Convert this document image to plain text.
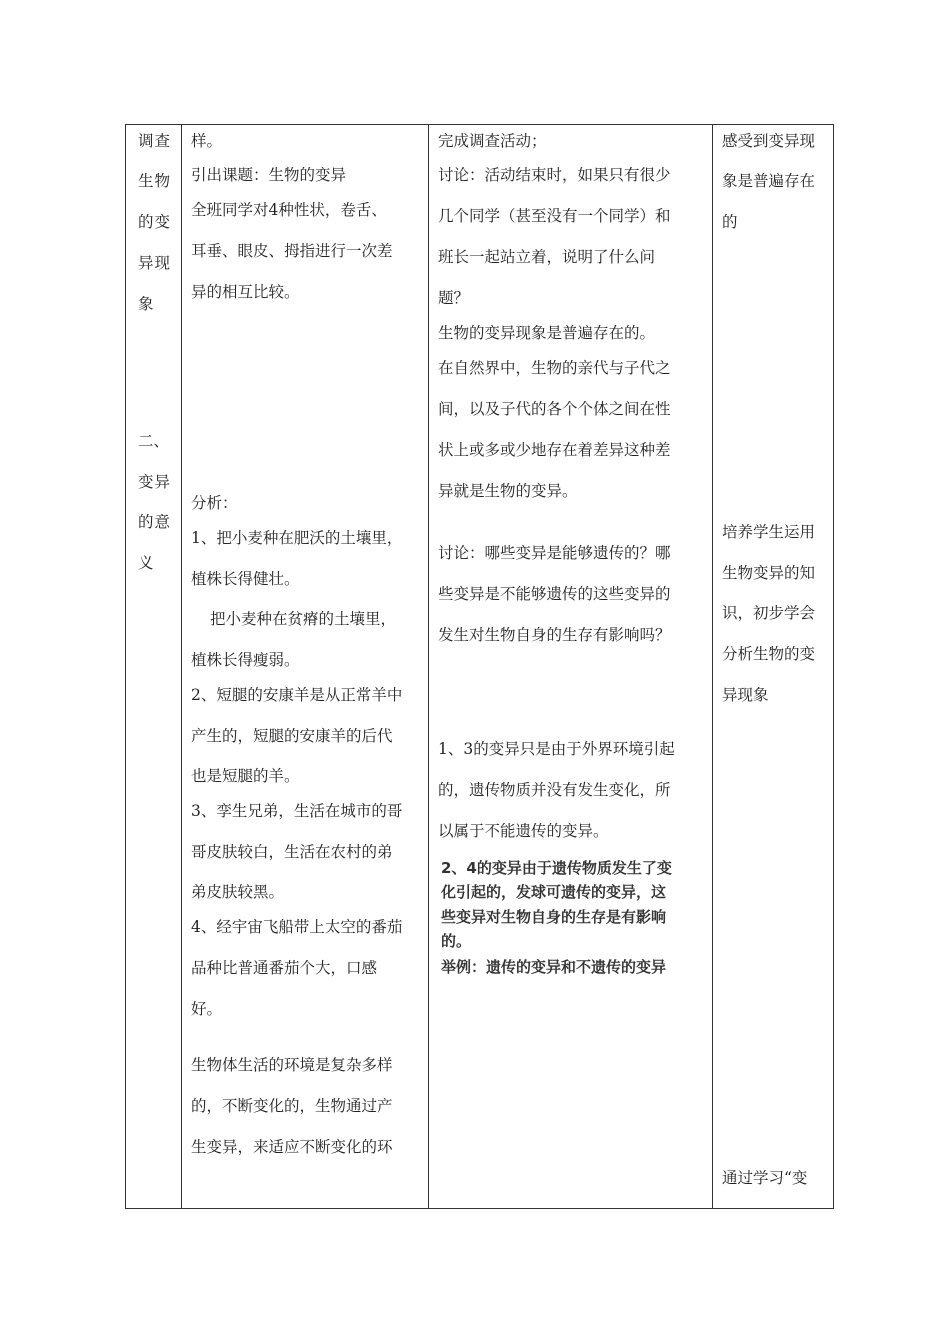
调 查
生 物
的 变
异 现
象
二、
变 异
的 意
义
样。
引出课题：生物的变异
全班同学对4种性状，卷舌、
耳垂、眼皮、拇指进行一次差
异的相互比较。
分析：
1、把小麦种在肥沃的土壤里，
植株长得健壮。
把小麦种在贫瘠的土壤里，
植株长得瘦弱。
2、短腿的安康羊是从正常羊中
产生的，短腿的安康羊的后代
也是短腿的羊。
3、孪生兄弟，生活在城市的哥
哥皮肤较白，生活在农村的弟
弟皮肤较黑。
4、经宇宙飞船带上太空的番茄
品种比普通番茄个大，口感
好。
生物体生活的环境是复杂多样
的，不断变化的，生物通过产
生变异，来适应不断变化的环
完成调查活动；
讨论：活动结束时，如果只有很少
几个同学（甚至没有一个同学）和
班长一起站立着，说明了什么问
题？
生物的变异现象是普遍存在的。
在自然界中，生物的亲代与子代之
间，以及子代的各个个体之间在性
状上或多或少地存在着差异这种差
异就是生物的变异。
讨论：哪些变异是能够遗传的？哪
些变异是不能够遗传的这些变异的
发生对生物自身的生存有影响吗？
1、3的变异只是由于外界环境引起
的，遗传物质并没有发生变化，所
以属于不能遗传的变异。
2、4的变异由于遗传物质发生了变
化引起的，发球可遗传的变异，这
些变异对生物自身的生存是有影响
的。
举例：遗传的变异和不遗传的变异
感受到变异现
象是普遍存在
的
培养学生运用
生物变异的知
识，初步学会
分析生物的变
异现象
通过学习“变
